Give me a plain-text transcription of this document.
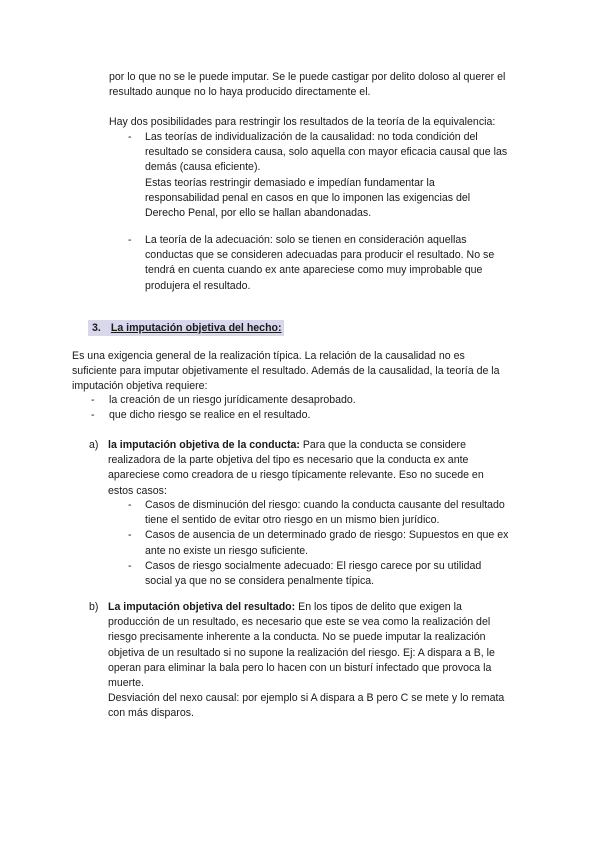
por lo que no se le puede imputar. Se le puede castigar por delito doloso al querer el

resultado aunque no lo haya producido directamente el.

Hay dos posibilidades para restringir los resultados de la teoría de la equivalencia:

-	Las teorías de individualización de la causalidad: no toda condición del

resultado se considera causa, solo aquella con mayor eficacia causal que las

demás (causa eficiente).

Estas teorías restringir demasiado e impedían fundamentar la

responsabilidad penal en casos en que lo imponen las exigencias del

Derecho Penal, por ello se hallan abandonadas.

-	La teoría de la adecuación: solo se tienen en consideración aquellas

conductas que se consideren adecuadas para producir el resultado. No se

tendrá en cuenta cuando ex ante apareciese como muy improbable que

produjera el resultado.

3. La imputación objetiva del hecho:

Es una exigencia general de la realización típica. La relación de la causalidad no es

suficiente para imputar objetivamente el resultado. Además de la causalidad, la teoría de la

imputación objetiva requiere:

-	la creación de un riesgo jurídicamente desaprobado.
-	que dicho riesgo se realice en el resultado.
a) la imputación objetiva de la conducta: Para que la conducta se considere

realizadora de la parte objetiva del tipo es necesario que la conducta ex ante

apareciese como creadora de u riesgo típicamente relevante. Eso no sucede en

estos casos:

-	Casos de disminución del riesgo: cuando la conducta causante del resultado

tiene el sentido de evitar otro riesgo en un mismo bien jurídico.

-	Casos de ausencia de un determinado grado de riesgo: Supuestos en que ex

ante no existe un riesgo suficiente.

-	Casos de riesgo socialmente adecuado: El riesgo carece por su utilidad

social ya que no se considera penalmente típica.

b) La imputación objetiva del resultado: En los tipos de delito que exigen la

producción de un resultado, es necesario que este se vea como la realización del

riesgo precisamente inherente a la conducta. No se puede imputar la realización

objetiva de un resultado si no supone la realización del riesgo. Ej: A dispara a B, le

operan para eliminar la bala pero lo hacen con un bisturí infectado que provoca la

muerte.

Desviación del nexo causal: por ejemplo si A dispara a B pero C se mete y lo remata

con más disparos.
